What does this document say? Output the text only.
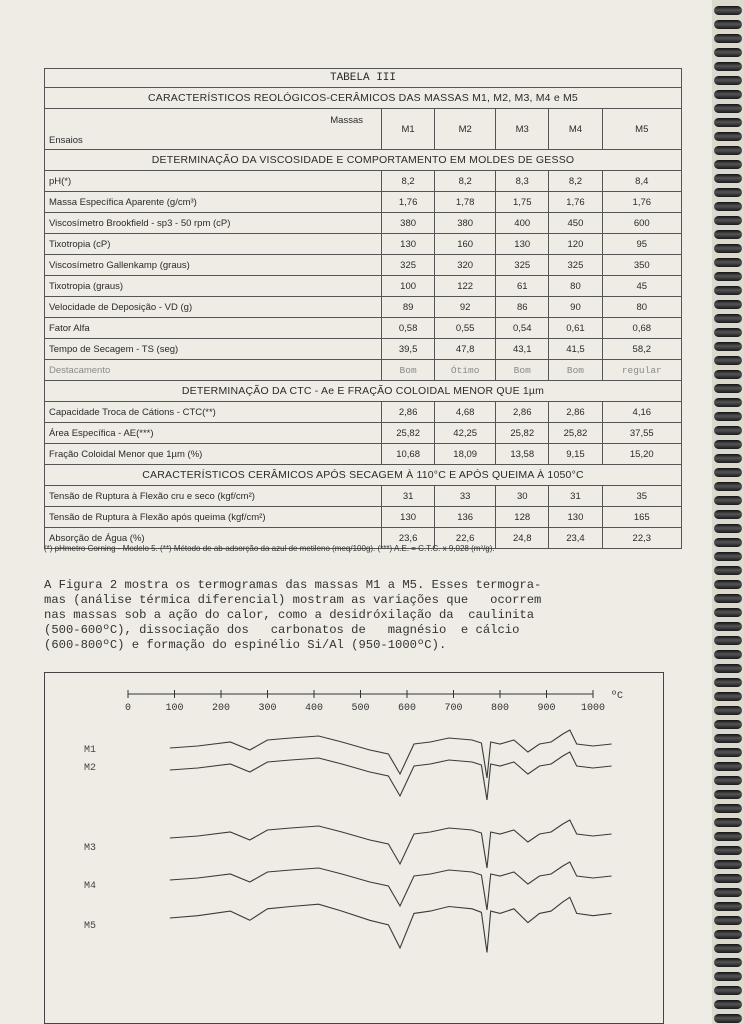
TABELA III					
CARACTERÍSTICOS REOLÓGICOS-CERÂMICOS DAS MASSAS M1, M2, M3, M4 e M5					

Massas
Ensaios	M1	M2	M3	M4	M5
DETERMINAÇÃO DA VISCOSIDADE E COMPORTAMENTO EM MOLDES DE GESSO					
pH(*)	8,2	8,2	8,3	8,2	8,4
Massa Específica Aparente (g/cm³)	1,76	1,78	1,75	1,76	1,76
Viscosímetro Brookfield - sp3 - 50 rpm (cP)	380	380	400	450	600
Tixotropia (cP)	130	160	130	120	95
Viscosímetro Gallenkamp (graus)	325	320	325	325	350
Tixotropia (graus)	100	122	61	80	45
Velocidade de Deposição - VD (g)	89	92	86	90	80
Fator Alfa	0,58	0,55	0,54	0,61	0,68
Tempo de Secagem - TS (seg)	39,5	47,8	43,1	41,5	58,2
Destacamento	Bom	Ótimo	Bom	Bom	regular
DETERMINAÇÃO DA CTC - Ae E FRAÇÃO COLOIDAL MENOR QUE 1µm					
Capacidade Troca de Cátions - CTC(**)	2,86	4,68	2,86	2,86	4,16
Área Específica - AE(***)	25,82	42,25	25,82	25,82	37,55
Fração Coloidal Menor que 1µm (%)	10,68	18,09	13,58	9,15	15,20
CARACTERÍSTICOS CERÂMICOS APÓS SECAGEM À 110°C E APÓS QUEIMA À 1050°C					
Tensão de Ruptura à Flexão cru e seco (kgf/cm²)	31	33	30	31	35
Tensão de Ruptura à Flexão após queima (kgf/cm²)	130	136	128	130	165
Absorção de Água (%)	23,6	22,6	24,8	23,4	22,3
(*) pHmetro Corning - Modelo 5. (**) Método de ab-adsorção da azul de metileno (meq/100g). (***) A.E. = C.T.C. x 9,028 (m²/g).
A Figura 2 mostra os termogramas das massas M1 a M5. Esses termogra-
mas (análise térmica diferencial) mostram as variações que   ocorrem
nas massas sob a ação do calor, como a desidróxilação da  caulinita
(500-600ºC), dissociação dos   carbonatos de   magnésio  e cálcio
(600-800ºC) e formação do espinélio Si/Al (950-1000ºC).
0	100	200	300	400	500	600	700	800	900	1000
ºC
M1
M2
M3
M4
M5
